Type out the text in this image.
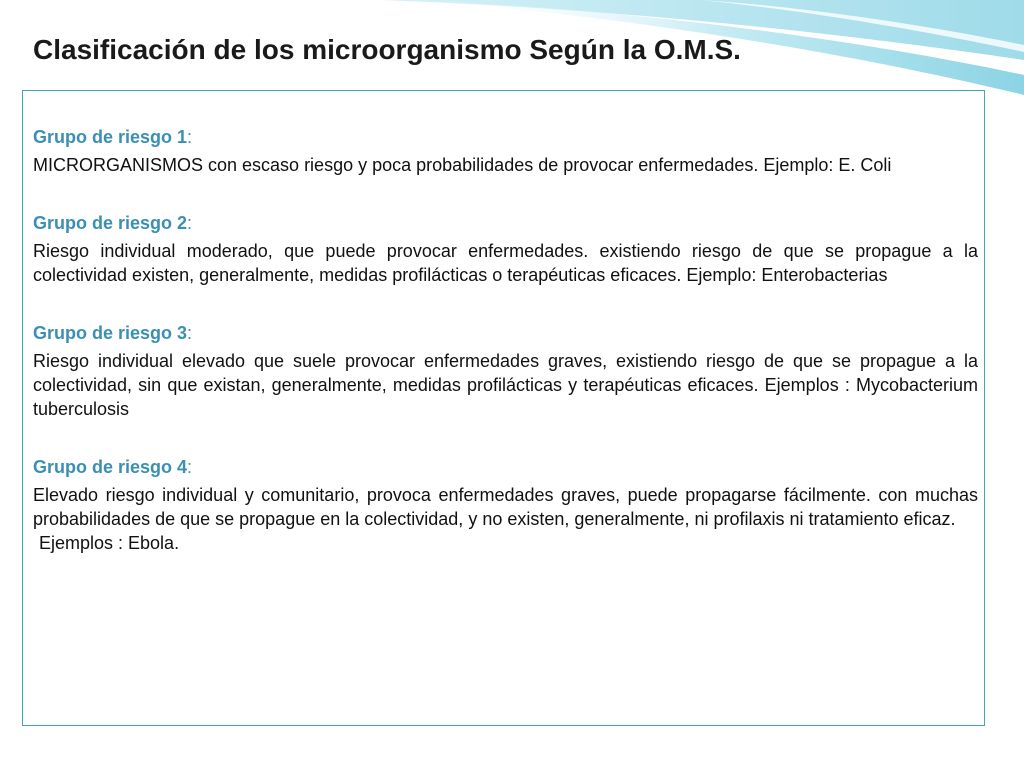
Clasificación de los microorganismo Según la O.M.S.
Grupo de riesgo 1:

MICRORGANISMOS con escaso riesgo y poca probabilidades de provocar enfermedades. Ejemplo: E. Coli

Grupo de riesgo 2:

Riesgo individual moderado, que puede provocar enfermedades. existiendo riesgo de que se propague a la colectividad existen, generalmente, medidas profilácticas o terapéuticas eficaces. Ejemplo: Enterobacterias

Grupo de riesgo 3:

Riesgo individual elevado que suele provocar enfermedades graves, existiendo riesgo de que se propague a la colectividad, sin que existan, generalmente, medidas profilácticas y terapéuticas eficaces. Ejemplos : Mycobacterium tuberculosis

Grupo de riesgo 4:

Elevado riesgo individual y comunitario, provoca enfermedades graves, puede propagarse fácilmente. con muchas probabilidades de que se propague en la colectividad, y no existen, generalmente, ni profilaxis ni tratamiento eficaz.

Ejemplos : Ebola.
